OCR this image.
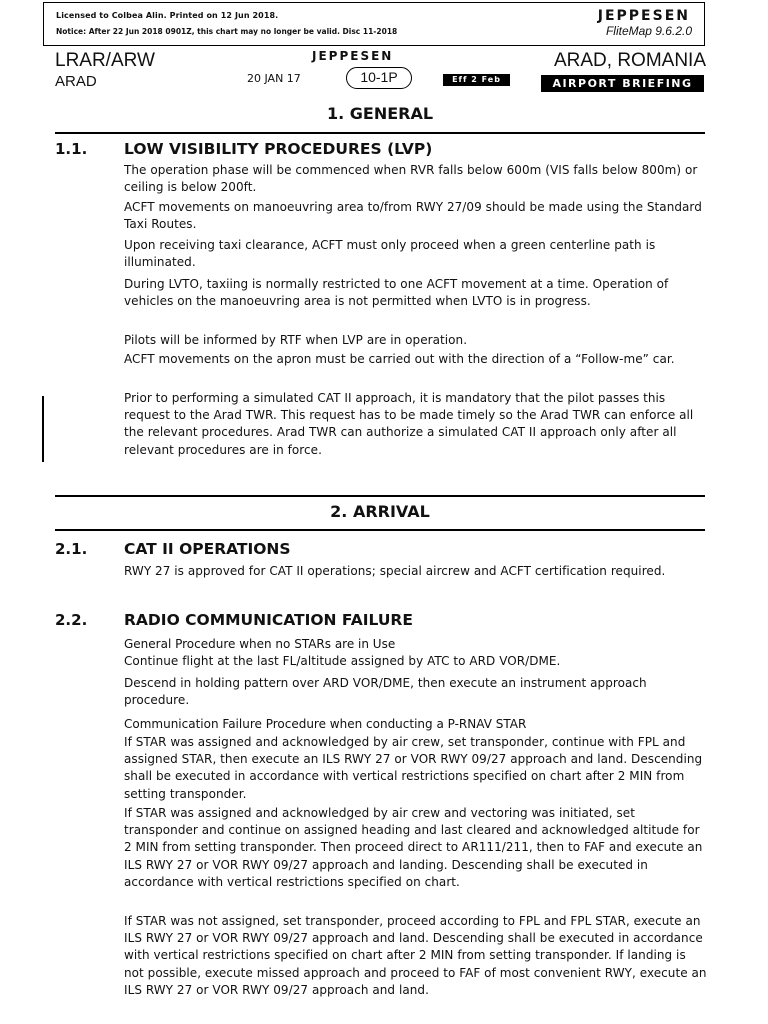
Licensed to Colbea Alin. Printed on 12 Jun 2018.
Notice: After 22 Jun 2018 0901Z, this chart may no longer be valid. Disc 11-2018
JEPPESEN
FliteMap 9.6.2.0
LRAR/ARW
ARAD
JEPPESEN
20 JAN 17	10-1P	Eff 2 Feb
ARAD, ROMANIA
AIRPORT BRIEFING
1. GENERAL
1.1. LOW VISIBILITY PROCEDURES (LVP)
The operation phase will be commenced when RVR falls below 600m (VIS falls below 800m) or ceiling is below 200ft.
ACFT movements on manoeuvring area to/from RWY 27/09 should be made using the Standard Taxi Routes.
Upon receiving taxi clearance, ACFT must only proceed when a green centerline path is illuminated.
During LVTO, taxiing is normally restricted to one ACFT movement at a time. Operation of vehicles on the manoeuvring area is not permitted when LVTO is in progress.
Pilots will be informed by RTF when LVP are in operation.
ACFT movements on the apron must be carried out with the direction of a “Follow-me” car.
Prior to performing a simulated CAT II approach, it is mandatory that the pilot passes this request to the Arad TWR. This request has to be made timely so the Arad TWR can enforce all the relevant procedures. Arad TWR can authorize a simulated CAT II approach only after all relevant procedures are in force.
2. ARRIVAL
2.1. CAT II OPERATIONS
RWY 27 is approved for CAT II operations; special aircrew and ACFT certification required.
2.2. RADIO COMMUNICATION FAILURE
General Procedure when no STARs are in Use
Continue flight at the last FL/altitude assigned by ATC to ARD VOR/DME.
Descend in holding pattern over ARD VOR/DME, then execute an instrument approach procedure.
Communication Failure Procedure when conducting a P-RNAV STAR
If STAR was assigned and acknowledged by air crew, set transponder, continue with FPL and assigned STAR, then execute an ILS RWY 27 or VOR RWY 09/27 approach and land. Descending shall be executed in accordance with vertical restrictions specified on chart after 2 MIN from setting transponder.
If STAR was assigned and acknowledged by air crew and vectoring was initiated, set transponder and continue on assigned heading and last cleared and acknowledged altitude for 2 MIN from setting transponder. Then proceed direct to AR111/211, then to FAF and execute an ILS RWY 27 or VOR RWY 09/27 approach and landing. Descending shall be executed in accordance with vertical restrictions specified on chart.
If STAR was not assigned, set transponder, proceed according to FPL and FPL STAR, execute an ILS RWY 27 or VOR RWY 09/27 approach and land. Descending shall be executed in accordance with vertical restrictions specified on chart after 2 MIN from setting transponder. If landing is not possible, execute missed approach and proceed to FAF of most convenient RWY, execute an ILS RWY 27 or VOR RWY 09/27 approach and land.
